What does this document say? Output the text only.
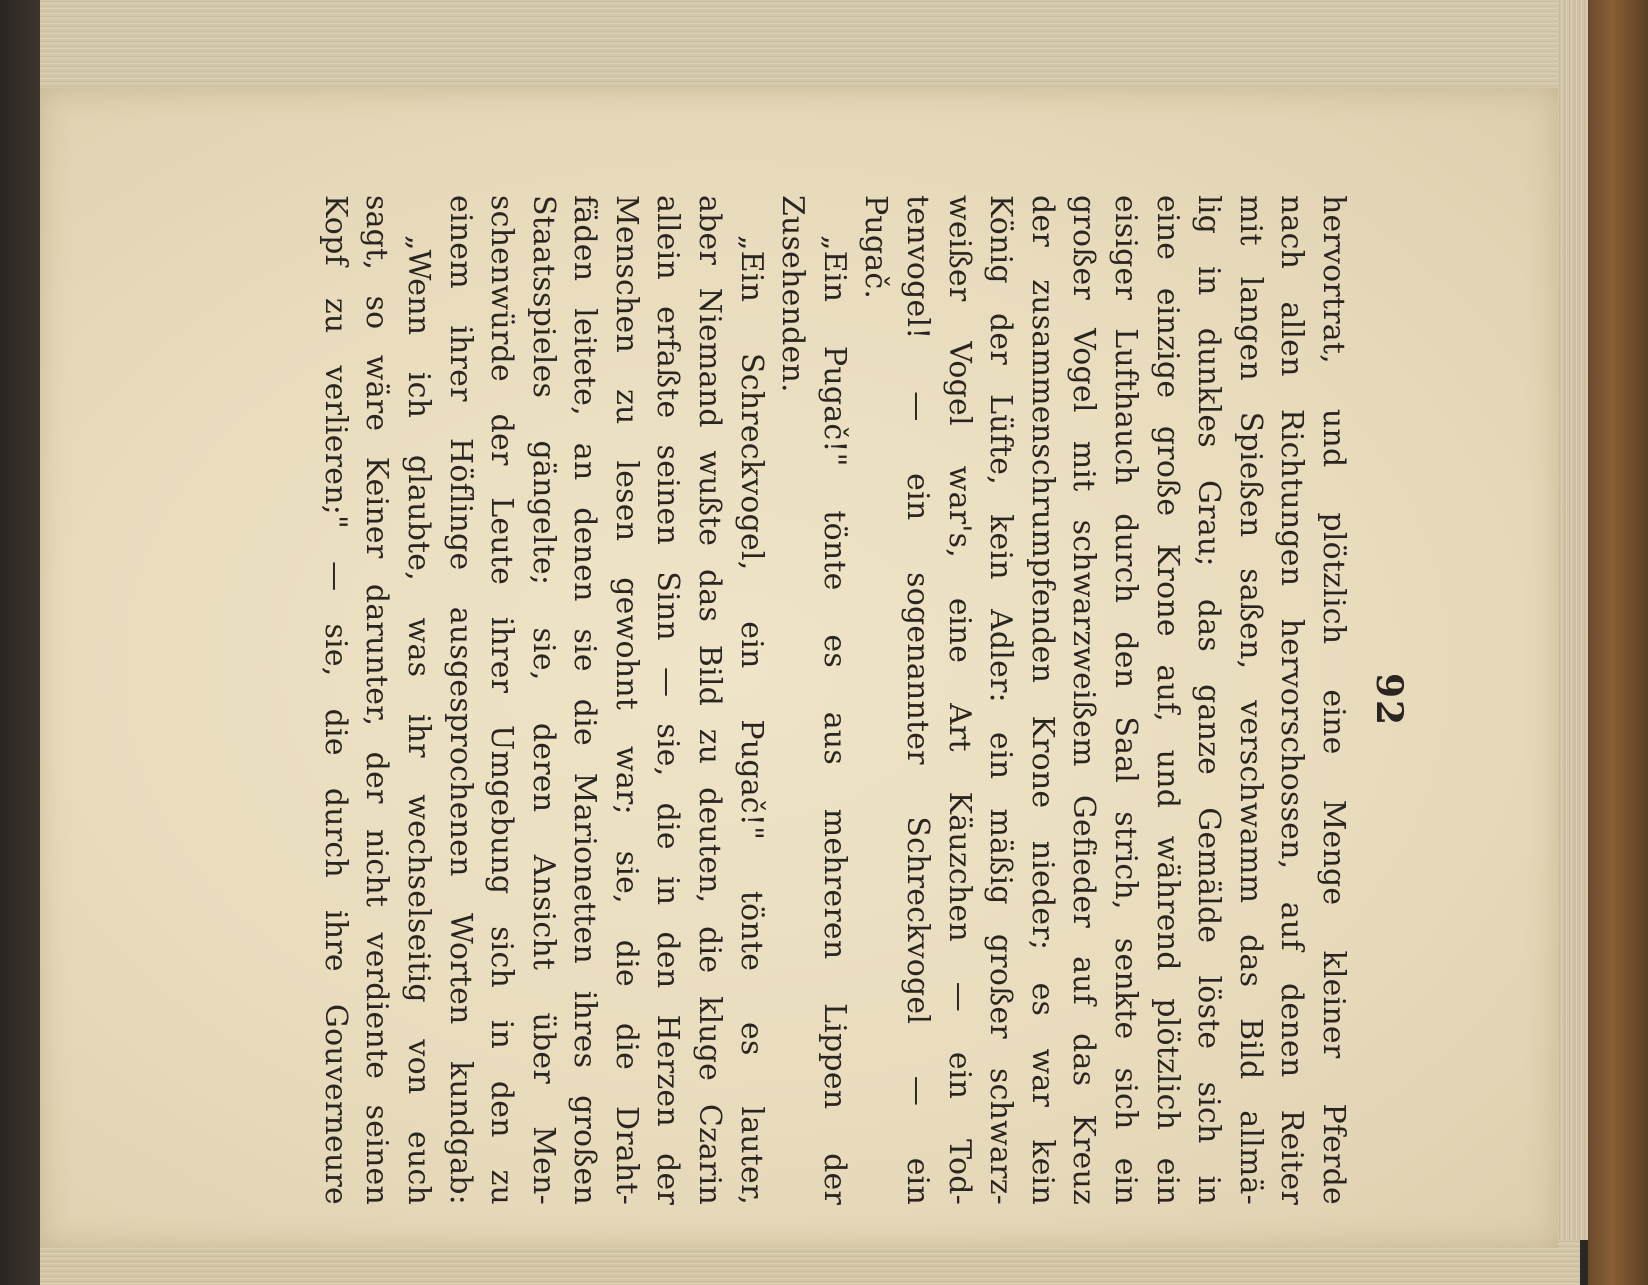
92
hervortrat, und plötzlich eine Menge kleiner Pferde
nach allen Richtungen hervorschossen, auf denen Reiter
mit langen Spießen saßen, verschwamm das Bild allmä-
lig in dunkles Grau; das ganze Gemälde löste sich in
eine einzige große Krone auf, und während plötzlich ein
eisiger Lufthauch durch den Saal strich, senkte sich ein
großer Vogel mit schwarzweißem Gefieder auf das Kreuz
der zusammenschrumpfenden Krone nieder; es war kein
König der Lüfte, kein Adler: ein mäßig großer schwarz-
weißer Vogel war's, eine Art Käuzchen — ein Tod-
tenvogel! — ein sogenannter Schreckvogel — ein
Pugač.
„Ein Pugač!" tönte es aus mehreren Lippen der
Zusehenden.
„Ein Schreckvogel, ein Pugač!" tönte es lauter,
aber Niemand wußte das Bild zu deuten, die kluge Czarin
allein erfaßte seinen Sinn — sie, die in den Herzen der
Menschen zu lesen gewohnt war; sie, die die Draht-
fäden leitete, an denen sie die Marionetten ihres großen
Staatsspieles gängelte; sie, deren Ansicht über Men-
schenwürde der Leute ihrer Umgebung sich in den zu
einem ihrer Höflinge ausgesprochenen Worten kundgab:
„Wenn ich glaubte, was ihr wechselseitig von euch
sagt, so wäre Keiner darunter, der nicht verdiente seinen
Kopf zu verlieren;" — sie, die durch ihre Gouverneure
